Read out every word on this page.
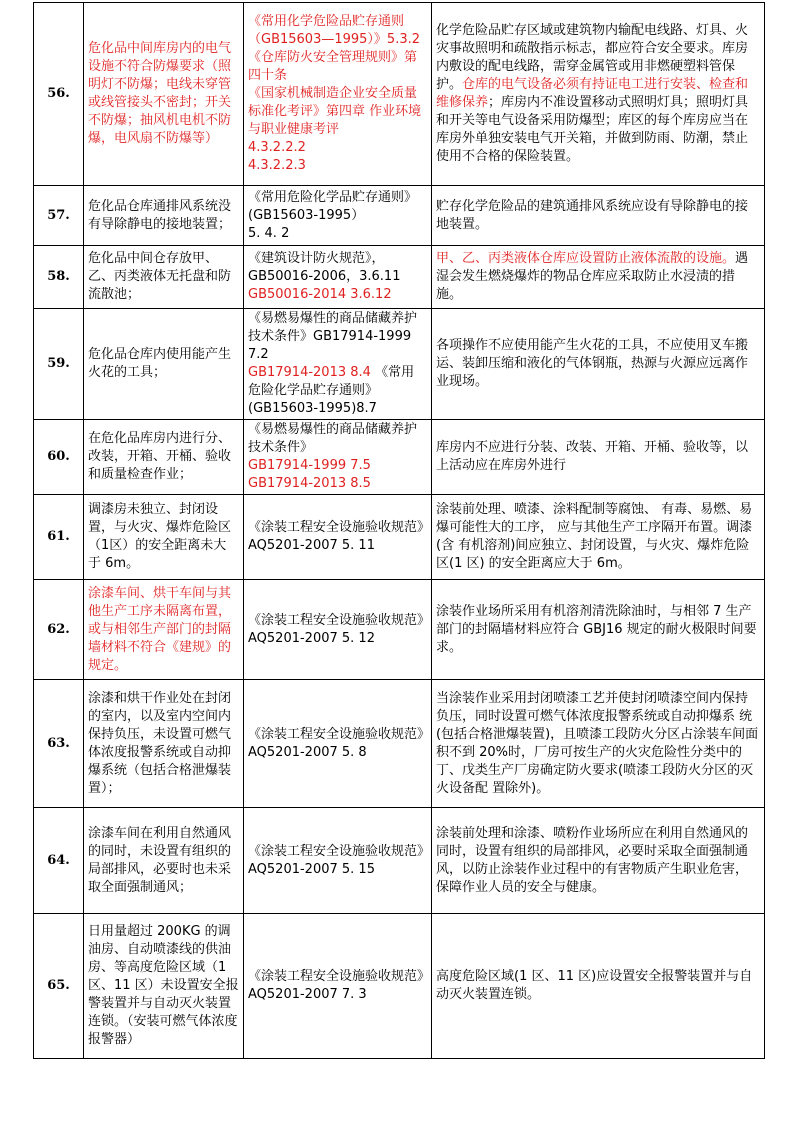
56.	危化品中间库房内的电气设施不符合防爆要求（照明灯不防爆；电线未穿管或线管接头不密封；开关不防爆；抽风机电机不防爆，电风扇不防爆等）	《常用化学危险品贮存通则（GB15603—1995）》5.3.2
《仓库防火安全管理规则》第四十条
《国家机械制造企业安全质量标准化考评》第四章 作业环境与职业健康考评
4.3.2.2.2
4.3.2.2.3	化学危险品贮存区域或建筑物内输配电线路、灯具、火灾事故照明和疏散指示标志，都应符合安全要求。库房内敷设的配电线路，需穿金属管或用非燃硬塑料管保护。仓库的电气设备必须有持证电工进行安装、检查和维修保养；库房内不准设置移动式照明灯具；照明灯具和开关等电气设备采用防爆型；库区的每个库房应当在库房外单独安装电气开关箱，并做到防雨、防潮，禁止使用不合格的保险装置。
57.	危化品仓库通排风系统没有导除静电的接地装置；	《常用危险化学品贮存通则》(GB15603-1995）
5. 4. 2	贮存化学危险品的建筑通排风系统应设有导除静电的接地装置。
58.	危化品中间仓存放甲、乙、丙类液体无托盘和防流散池；	《建筑设计防火规范》，
GB50016-2006，3.6.11
GB50016-2014 3.6.12	甲、乙、丙类液体仓库应设置防止液体流散的设施。遇湿会发生燃烧爆炸的物品仓库应采取防止水浸渍的措施。
59.	危化品仓库内使用能产生火花的工具；	《易燃易爆性的商品储藏养护技术条件》GB17914-1999 7.2
GB17914-2013 8.4 《常用危险化学品贮存通则》(GB15603-1995)8.7	各项操作不应使用能产生火花的工具，不应使用叉车搬运、装卸压缩和液化的气体钢瓶，热源与火源应远离作业现场。
60.	在危化品库房内进行分、改装，开箱、开桶、验收和质量检查作业；	《易燃易爆性的商品储藏养护技术条件》
GB17914-1999 7.5 GB17914-2013 8.5	库房内不应进行分装、改装、开箱、开桶、验收等，以上活动应在库房外进行
61.	调漆房未独立、封闭设置，与火灾、爆炸危险区（1区）的安全距离未大于 6m。	《涂装工程安全设施验收规范》AQ5201-2007 5. 11	涂装前处理、喷漆、涂料配制等腐蚀、 有毒、易燃、易爆可能性大的工序， 应与其他生产工序隔开布置。调漆(含 有机溶剂)间应独立、封闭设置，与火灾、爆炸危险区(1 区) 的安全距离应大于 6m。
62.	涂漆车间、烘干车间与其他生产工序未隔离布置，或与相邻生产部门的封隔墙材料不符合《建规》的规定。	《涂装工程安全设施验收规范》AQ5201-2007 5. 12	涂装作业场所采用有机溶剂清洗除油时，与相邻 7 生产部门的封隔墙材料应符合 GBJ16 规定的耐火极限时间要求。
63.	涂漆和烘干作业处在封闭的室内，以及室内空间内保持负压，未设置可燃气体浓度报警系统或自动抑爆系统（包括合格泄爆装置）；	《涂装工程安全设施验收规范》AQ5201-2007 5. 8	当涂装作业采用封闭喷漆工艺并使封闭喷漆空间内保持负压，同时设置可燃气体浓度报警系统或自动抑爆系 统(包括合格泄爆装置)，且喷漆工段防火分区占涂装车间面 积不到 20%时，厂房可按生产的火灾危险性分类中的丁、戊类生产厂房确定防火要求(喷漆工段防火分区的灭火设备配 置除外)。
64.	涂漆车间在利用自然通风的同时，未设置有组织的局部排风，必要时也未采取全面强制通风；	《涂装工程安全设施验收规范》AQ5201-2007 5. 15	涂装前处理和涂漆、喷粉作业场所应在利用自然通风的同时，设置有组织的局部排风，必要时采取全面强制通风，以防止涂装作业过程中的有害物质产生职业危害，保障作业人员的安全与健康。
65.	日用量超过 200KG 的调油房、自动喷漆线的供油房、等高度危险区域（1区、11 区）未设置安全报警装置并与自动灭火装置连锁。（安装可燃气体浓度报警器）	《涂装工程安全设施验收规范》AQ5201-2007 7. 3	高度危险区域(1 区、11 区)应设置安全报警装置并与自动灭火装置连锁。
